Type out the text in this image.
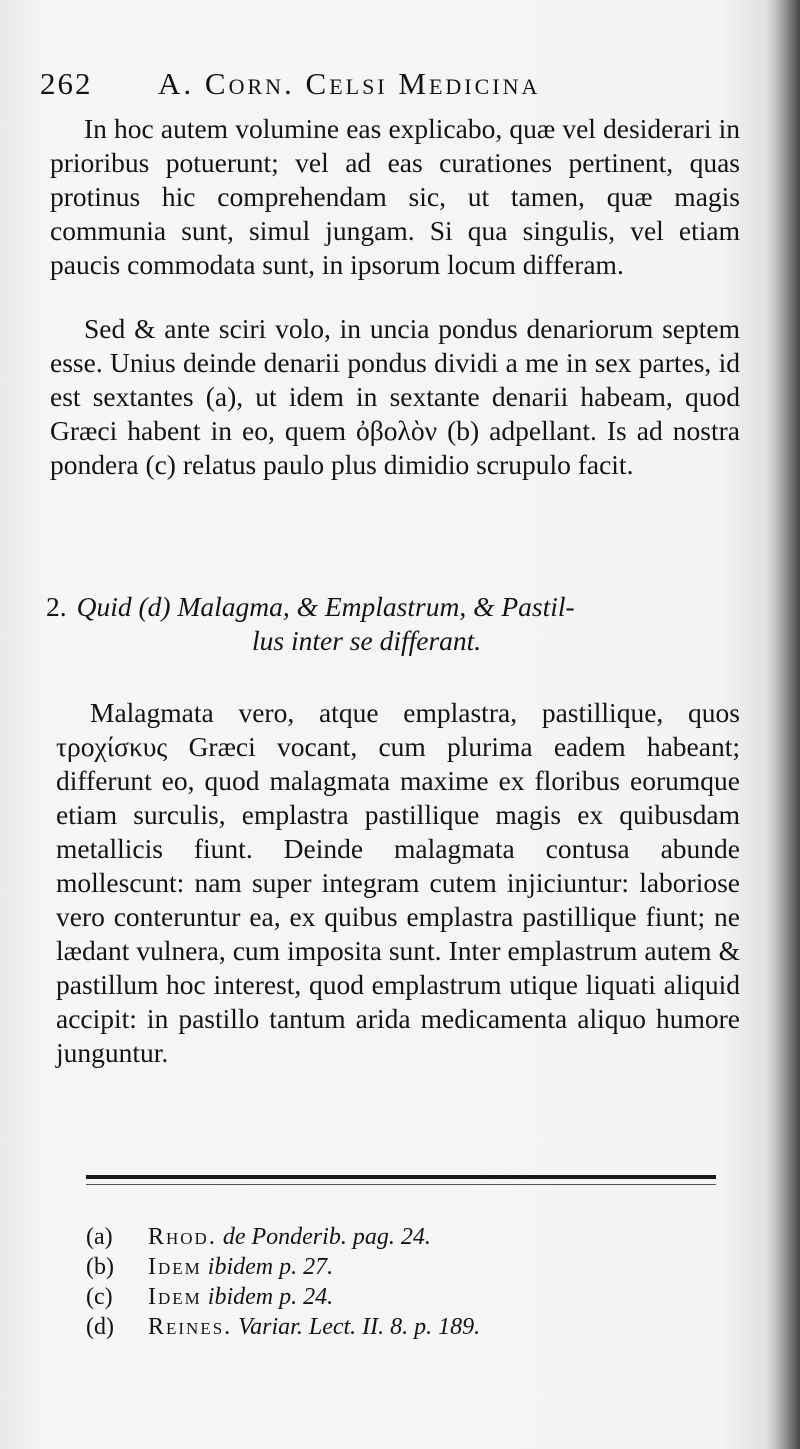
262 A. Corn. Celsi Medicina

In hoc autem volumine eas explicabo, quæ vel desiderari in prioribus potuerunt; vel ad eas curationes pertinent, quas protinus hic comprehendam sic, ut tamen, quæ magis communia sunt, simul jungam. Si qua singulis, vel etiam paucis commodata sunt, in ipsorum locum differam.

Sed & ante sciri volo, in uncia pondus denariorum septem esse. Unius deinde denarii pondus dividi a me in sex partes, id est sextantes (a), ut idem in sextante denarii habeam, quod Græci habent in eo, quem ὀβολὸν (b) adpellant. Is ad nostra pondera (c) relatus paulo plus dimidio scrupulo facit.

2. Quid (d) Malagma, & Emplastrum, & Pastil-
lus inter se differant.

Malagmata vero, atque emplastra, pastillique, quos τροχίσκυς Græci vocant, cum plurima eadem habeant; differunt eo, quod malagmata maxime ex floribus eorumque etiam surculis, emplastra pastillique magis ex quibusdam metallicis fiunt. Deinde malagmata contusa abunde mollescunt: nam super integram cutem injiciuntur: laboriose vero conteruntur ea, ex quibus emplastra pastillique fiunt; ne lædant vulnera, cum imposita sunt. Inter emplastrum autem & pastillum hoc interest, quod emplastrum utique liquati aliquid accipit: in pastillo tantum arida medicamenta aliquo humore junguntur.

(a) Rhod. de Ponderib. pag. 24.
(b) Idem ibidem p. 27.
(c) Idem ibidem p. 24.
(d) Reines. Variar. Lect. II. 8. p. 189.
